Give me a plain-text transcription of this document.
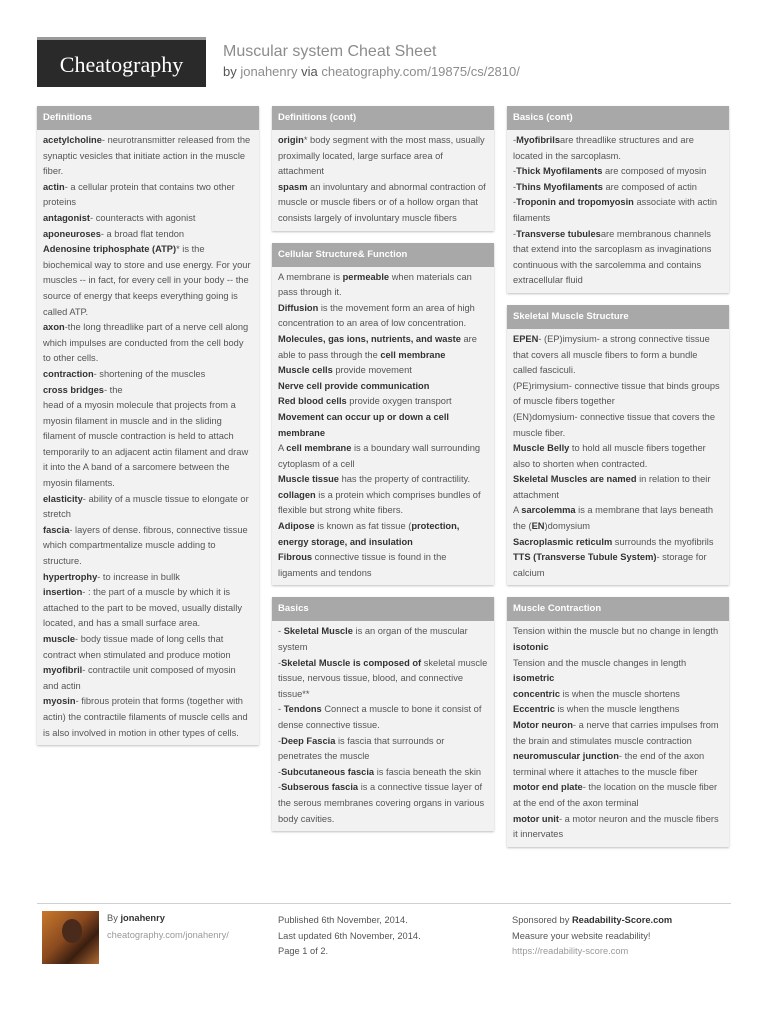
Cheatography
Muscular system Cheat Sheet
by jonahenry via cheatography.com/19875/cs/2810/
Definitions
acetylcholine- neurotransmitter released from the synaptic vesicles that initiate action in the muscle fiber.
actin- a cellular protein that contains two other proteins
antagonist- counteracts with agonist
aponeuroses- a broad flat tendon
Adenosine triphosphate (ATP)* is the biochemical way to store and use energy. For your muscles -- in fact, for every cell in your body -- the source of energy that keeps everything going is called ATP.
axon-the long threadlike part of a nerve cell along which impulses are conducted from the cell body to other cells.
contraction- shortening of the muscles
cross bridges- the
head of a myosin molecule that projects from a myosin filament in muscle and in the sliding filament of muscle contraction is held to attach temporarily to an adjacent actin filament and draw it into the A band of a sarcomere between the myosin filaments.
elasticity- ability of a muscle tissue to elongate or stretch
fascia- layers of dense. fibrous, connective tissue which compartmentalize muscle adding to structure.
hypertrophy- to increase in bullk
insertion- : the part of a muscle by which it is attached to the part to be moved, usually distally located, and has a small surface area.
muscle- body tissue made of long cells that contract when stimulated and produce motion
myofibril- contractile unit composed of myosin and actin
myosin- fibrous protein that forms (together with actin) the contractile filaments of muscle cells and is also involved in motion in other types of cells.
Definitions (cont)
origin* body segment with the most mass, usually proximally located, large surface area of attachment
spasm an involuntary and abnormal contraction of muscle or muscle fibers or of a hollow organ that consists largely of involuntary muscle fibers
Cellular Structure& Function
A membrane is permeable when materials can pass through it.
Diffusion is the movement form an area of high concentration to an area of low concentration.
Molecules, gas ions, nutrients, and waste are able to pass through the cell membrane
Muscle cells provide movement
Nerve cell provide communication
Red blood cells provide oxygen transport
Movement can occur up or down a cell membrane
A cell membrane is a boundary wall surrounding cytoplasm of a cell
Muscle tissue has the property of contractility.
collagen is a protein which comprises bundles of flexible but strong white fibers.
Adipose is known as fat tissue (protection, energy storage, and insulation
Fibrous connective tissue is found in the ligaments and tendons
Basics
- Skeletal Muscle is an organ of the muscular system
-Skeletal Muscle is composed of skeletal muscle tissue, nervous tissue, blood, and connective tissue**
- Tendons Connect a muscle to bone it consist of dense connective tissue.
-Deep Fascia is fascia that surrounds or penetrates the muscle
-Subcutaneous fascia is fascia beneath the skin
-Subserous fascia is a connective tissue layer of the serous membranes covering organs in various body cavities.
Basics (cont)
-Myofibrilsare threadlike structures and are located in the sarcoplasm.
-Thick Myofilaments are composed of myosin
-Thins Myofilaments are composed of actin
-Troponin and tropomyosin associate with actin filaments
-Transverse tubulesare membranous channels that extend into the sarcoplasm as invaginations continuous with the sarcolemma and contains extracellular fluid
Skeletal Muscle Structure
EPEN- (EP)imysium- a strong connective tissue that covers all muscle fibers to form a bundle called fasciculi.
(PE)rimysium- connective tissue that binds groups of muscle fibers together
(EN)domysium- connective tissue that covers the muscle fiber.
Muscle Belly to hold all muscle fibers together also to shorten when contracted.
Skeletal Muscles are named in relation to their attachment
A sarcolemma is a membrane that lays beneath the (EN)domysium
Sacroplasmic reticulm surrounds the myofibrils
TTS (Transverse Tubule System)- storage for calcium
Muscle Contraction
Tension within the muscle but no change in length isotonic
Tension and the muscle changes in length isometric
concentric is when the muscle shortens
Eccentric is when the muscle lengthens
Motor neuron- a nerve that carries impulses from the brain and stimulates muscle contraction
neuromuscular junction- the end of the axon terminal where it attaches to the muscle fiber
motor end plate- the location on the muscle fiber at the end of the axon terminal
motor unit- a motor neuron and the muscle fibers it innervates
By jonahenry
cheatography.com/jonahenry/
Published 6th November, 2014.
Last updated 6th November, 2014.
Page 1 of 2.
Sponsored by Readability-Score.com
Measure your website readability!
https://readability-score.com
